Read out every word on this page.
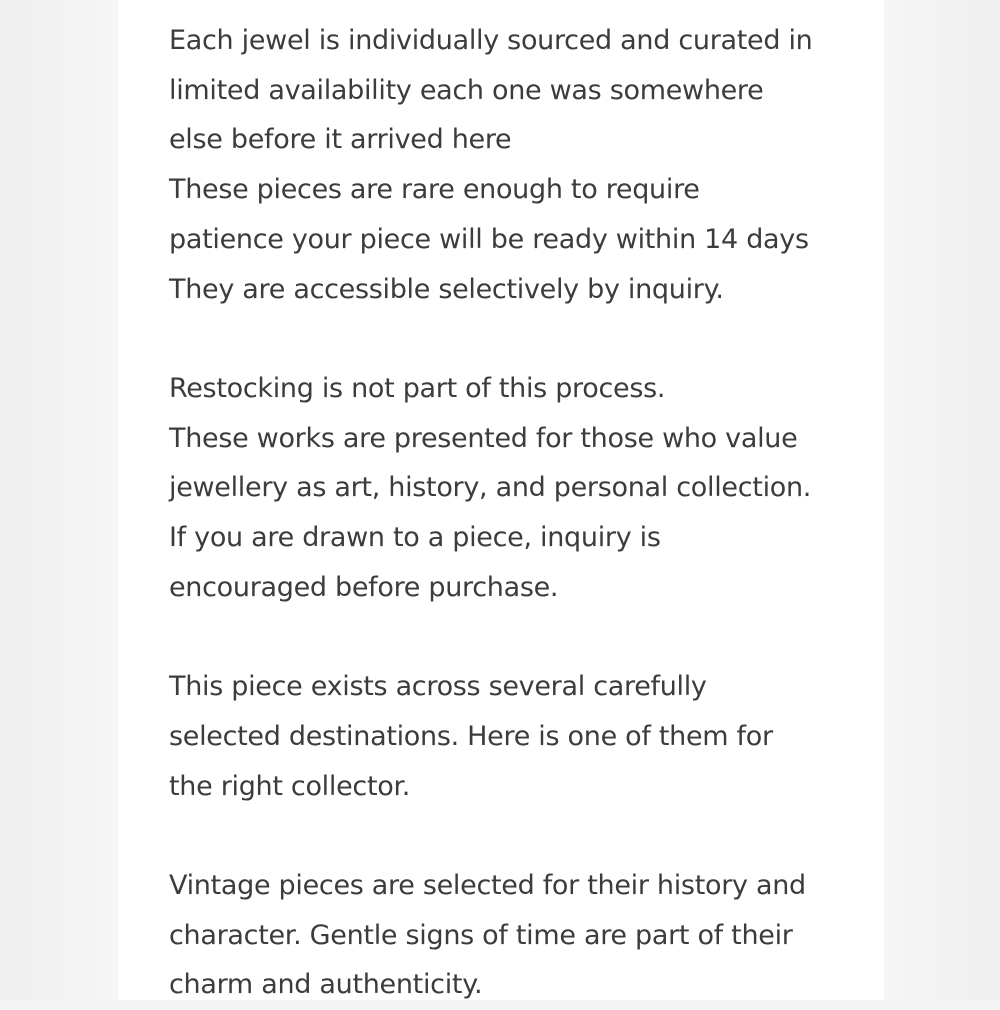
Each jewel is individually sourced and curated in
limited availability each one was somewhere
else before it arrived here
These pieces are rare enough to require
patience your piece will be ready within 14 days
They are accessible selectively by inquiry.

Restocking is not part of this process.
These works are presented for those who value
jewellery as art, history, and personal collection.
If you are drawn to a piece, inquiry is
encouraged before purchase.

This piece exists across several carefully
selected destinations. Here is one of them for
the right collector.

Vintage pieces are selected for their history and
character. Gentle signs of time are part of their
charm and authenticity.
